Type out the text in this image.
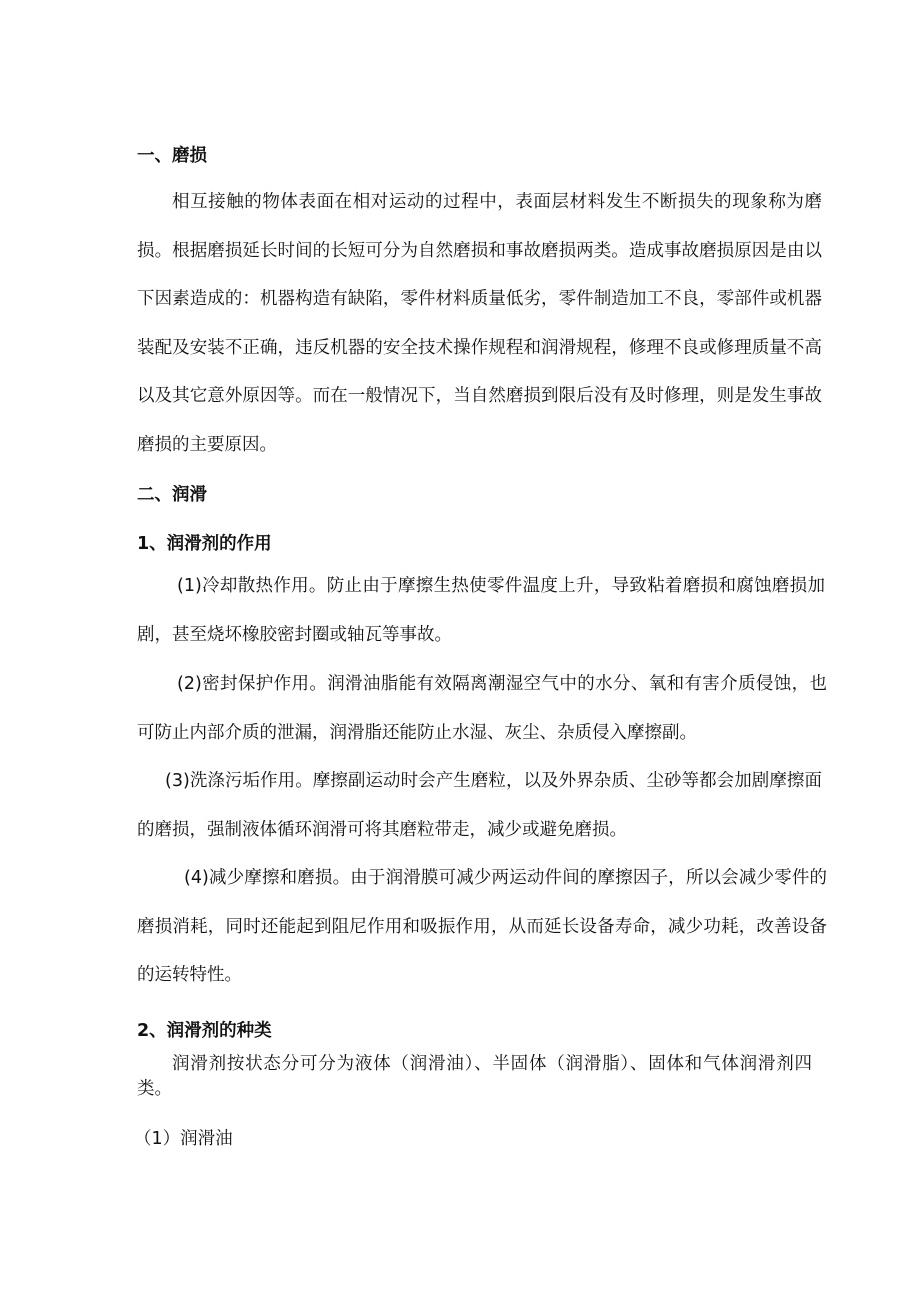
一、磨损
相互接触的物体表面在相对运动的过程中，表面层材料发生不断损失的现象称为磨损。根据磨损延长时间的长短可分为自然磨损和事故磨损两类。造成事故磨损原因是由以下因素造成的：机器构造有缺陷，零件材料质量低劣，零件制造加工不良，零部件或机器装配及安装不正确，违反机器的安全技术操作规程和润滑规程，修理不良或修理质量不高以及其它意外原因等。而在一般情况下，当自然磨损到限后没有及时修理，则是发生事故磨损的主要原因。
二、润滑
1、润滑剂的作用
(1)冷却散热作用。防止由于摩擦生热使零件温度上升，导致粘着磨损和腐蚀磨损加剧，甚至烧坏橡胶密封圈或轴瓦等事故。
(2)密封保护作用。润滑油脂能有效隔离潮湿空气中的水分、氧和有害介质侵蚀，也可防止内部介质的泄漏，润滑脂还能防止水湿、灰尘、杂质侵入摩擦副。
(3)洗涤污垢作用。摩擦副运动时会产生磨粒，以及外界杂质、尘砂等都会加剧摩擦面的磨损，强制液体循环润滑可将其磨粒带走，减少或避免磨损。
(4)减少摩擦和磨损。由于润滑膜可减少两运动件间的摩擦因子，所以会减少零件的磨损消耗，同时还能起到阻尼作用和吸振作用，从而延长设备寿命，减少功耗，改善设备的运转特性。
2、润滑剂的种类
润滑剂按状态分可分为液体（润滑油）、半固体（润滑脂）、固体和气体润滑剂四类。
（1）润滑油
